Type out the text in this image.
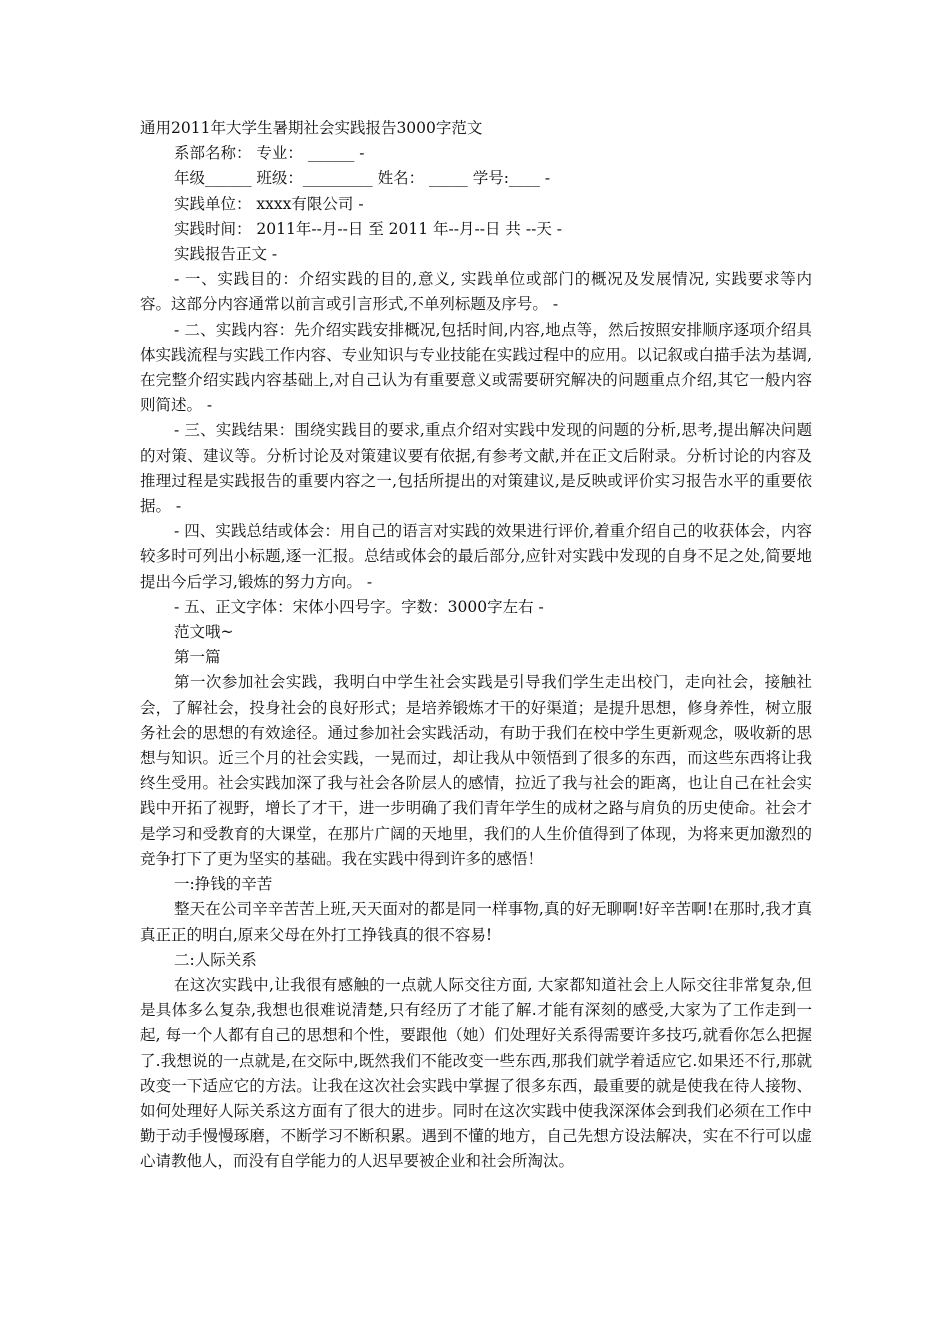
通用2011年大学生暑期社会实践报告3000字范文

系部名称： 专业： ______ -

年级______ 班级：_________ 姓名： _____ 学号:____ -

实践单位： xxxx有限公司 -

实践时间： 2011年--月--日 至 2011 年--月--日 共 --天 -

实践报告正文 -

- 一、实践目的：介绍实践的目的,意义, 实践单位或部门的概况及发展情况, 实践要求等内容。这部分内容通常以前言或引言形式,不单列标题及序号。 -

- 二、实践内容：先介绍实践安排概况,包括时间,内容,地点等，然后按照安排顺序逐项介绍具体实践流程与实践工作内容、专业知识与专业技能在实践过程中的应用。以记叙或白描手法为基调,在完整介绍实践内容基础上,对自己认为有重要意义或需要研究解决的问题重点介绍,其它一般内容则简述。 -

- 三、实践结果：围绕实践目的要求,重点介绍对实践中发现的问题的分析,思考,提出解决问题的对策、建议等。分析讨论及对策建议要有依据,有参考文献,并在正文后附录。分析讨论的内容及推理过程是实践报告的重要内容之一,包括所提出的对策建议,是反映或评价实习报告水平的重要依据。 -

- 四、实践总结或体会：用自己的语言对实践的效果进行评价,着重介绍自己的收获体会，内容较多时可列出小标题,逐一汇报。总结或体会的最后部分,应针对实践中发现的自身不足之处,简要地提出今后学习,锻炼的努力方向。 -

- 五、正文字体：宋体小四号字。字数：3000字左右 -

范文哦~

第一篇

第一次参加社会实践，我明白中学生社会实践是引导我们学生走出校门，走向社会，接触社会，了解社会，投身社会的良好形式；是培养锻炼才干的好渠道；是提升思想，修身养性，树立服务社会的思想的有效途径。通过参加社会实践活动，有助于我们在校中学生更新观念，吸收新的思想与知识。近三个月的社会实践，一晃而过，却让我从中领悟到了很多的东西，而这些东西将让我终生受用。社会实践加深了我与社会各阶层人的感情，拉近了我与社会的距离，也让自己在社会实践中开拓了视野，增长了才干，进一步明确了我们青年学生的成材之路与肩负的历史使命。社会才是学习和受教育的大课堂，在那片广阔的天地里，我们的人生价值得到了体现，为将来更加激烈的竞争打下了更为坚实的基础。我在实践中得到许多的感悟！

一:挣钱的辛苦

整天在公司辛辛苦苦上班,天天面对的都是同一样事物,真的好无聊啊!好辛苦啊!在那时,我才真真正正的明白,原来父母在外打工挣钱真的很不容易!

二:人际关系

在这次实践中,让我很有感触的一点就人际交往方面, 大家都知道社会上人际交往非常复杂,但是具体多么复杂,我想也很难说清楚,只有经历了才能了解.才能有深刻的感受,大家为了工作走到一起, 每一个人都有自己的思想和个性，要跟他（她）们处理好关系得需要许多技巧,就看你怎么把握了.我想说的一点就是,在交际中,既然我们不能改变一些东西,那我们就学着适应它.如果还不行,那就改变一下适应它的方法。让我在这次社会实践中掌握了很多东西，最重要的就是使我在待人接物、如何处理好人际关系这方面有了很大的进步。同时在这次实践中使我深深体会到我们必须在工作中勤于动手慢慢琢磨，不断学习不断积累。遇到不懂的地方，自己先想方设法解决，实在不行可以虚心请教他人，而没有自学能力的人迟早要被企业和社会所淘汰。
